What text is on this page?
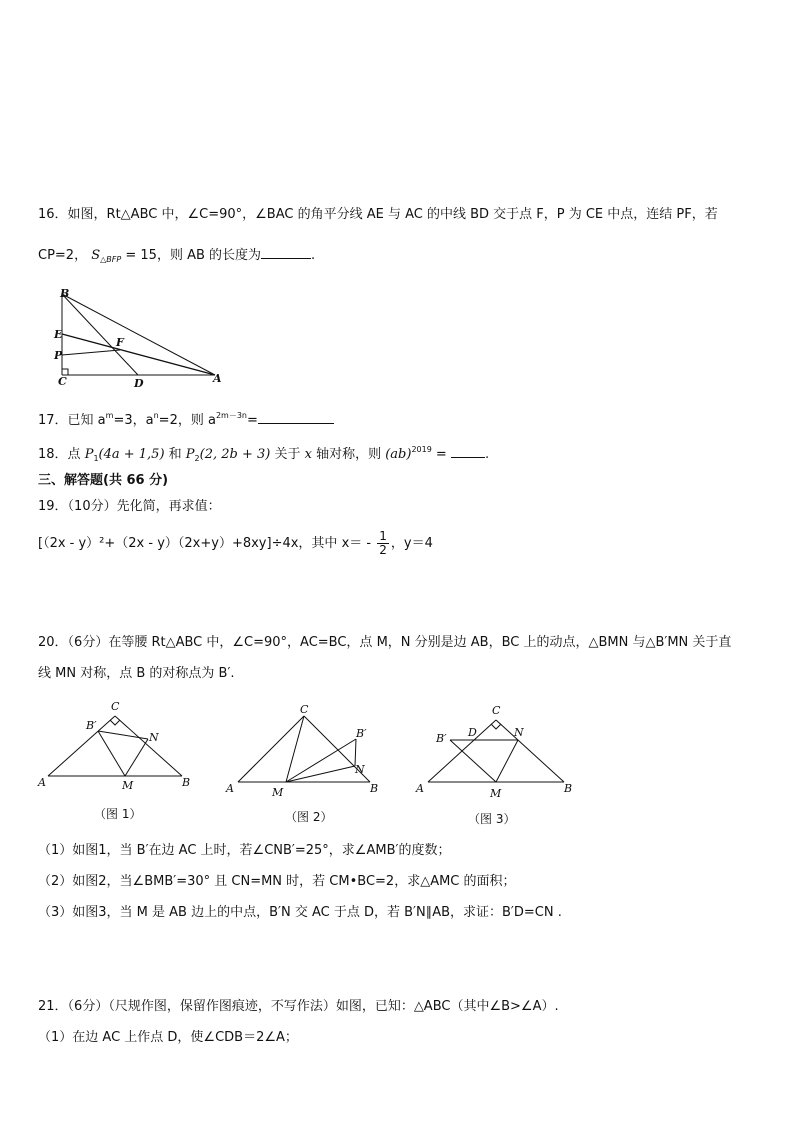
16．如图，Rt△ABC 中，∠C=90°，∠BAC 的角平分线 AE 与 AC 的中线 BD 交于点 F，P 为 CE 中点，连结 PF，若
CP=2， $S_{\triangle BFP} = 15$，则 AB 的长度为	.
B
E
P
F
C	D	A
17．已知 $a^m=3$，$a^n=2$，则 $a^{2m-3n}=$
18．点 $P_1(4a + 1,5)$ 和 $P_2(2$, 2b + 3) 关于 x 轴对称，则 (ab)$^{2019}$ =	.
三、解答题(共 66 分)
19．（10分）先化简，再求值：
[（2x - y）²+（2x - y）（2x+y）+8xy]÷4x，其中 $x= - \frac{1}{2}$ ，y＝4
20．（6分）在等腰 Rt△ABC 中，∠C=90°，AC=BC，点 M，N 分别是边 AB，BC 上的动点，△BMN 与△B′MN 关于直
线 MN 对称，点 B 的对称点为 B′.
C
B′
N
M
A	B
（图 1）
C
B′
N
M
A	B
（图 2）
C
D	N
B′
M
A	B
（图 3）
（1）如图1，当 B′在边 AC 上时，若∠CNB′=25°，求∠AMB′的度数；
（2）如图2，当∠BMB′=30° 且 CN=MN 时，若 CM•BC=2，求△AMC 的面积；
（3）如图3，当 M 是 AB 边上的中点，B′N 交 AC 于点 D，若 B′N∥AB，求证：B′D=CN .
21．（6分）（尺规作图，保留作图痕迹，不写作法）如图，已知：△ABC（其中∠B>∠A）.
（1）在边 AC 上作点 D，使∠CDB＝2∠A；
